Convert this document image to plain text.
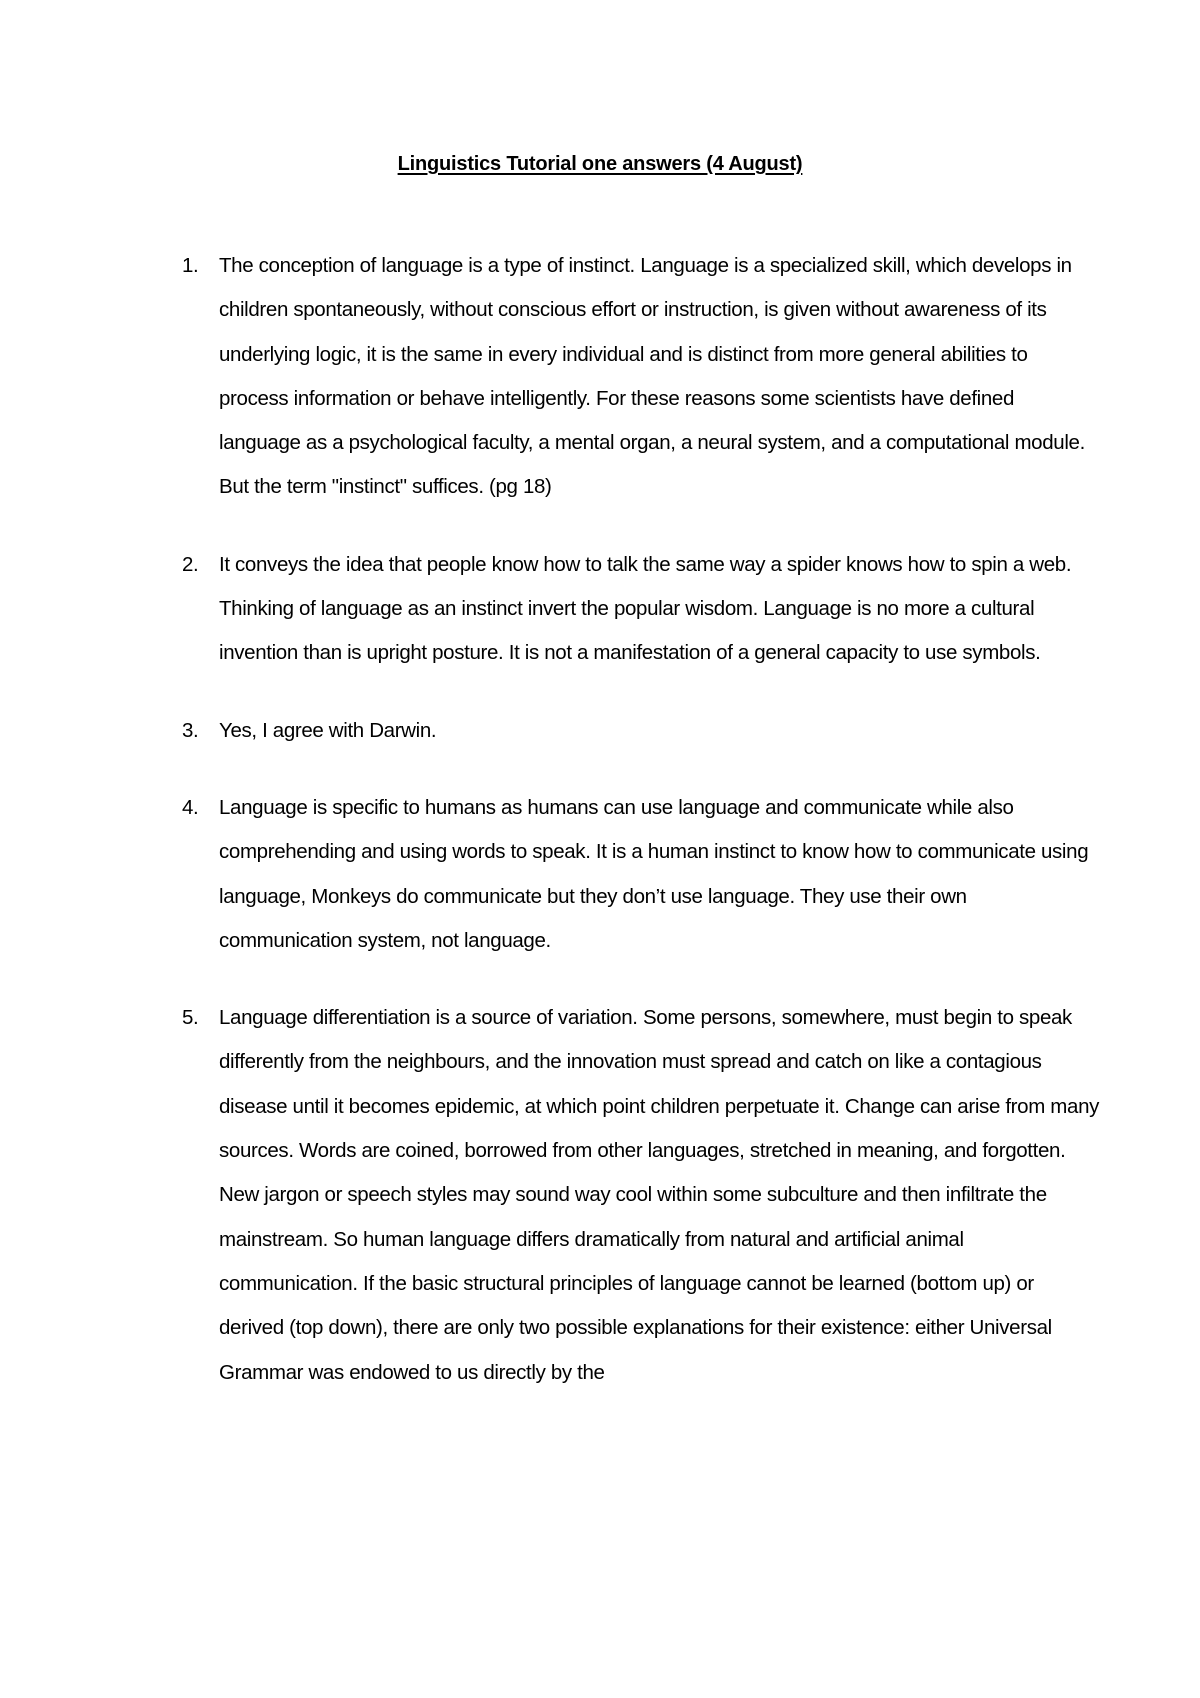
Linguistics Tutorial one answers (4 August)
1. The conception of language is a type of instinct. Language is a specialized skill, which develops in children spontaneously, without conscious effort or instruction, is given without awareness of its underlying logic, it is the same in every individual and is distinct from more general abilities to process information or behave intelligently. For these reasons some scientists have defined language as a psychological faculty, a mental organ, a neural system, and a computational module. But the term "instinct" suffices. (pg 18)
2. It conveys the idea that people know how to talk the same way a spider knows how to spin a web. Thinking of language as an instinct invert the popular wisdom. Language is no more a cultural invention than is upright posture. It is not a manifestation of a general capacity to use symbols.
3. Yes, I agree with Darwin.
4. Language is specific to humans as humans can use language and communicate while also comprehending and using words to speak. It is a human instinct to know how to communicate using language, Monkeys do communicate but they don’t use language. They use their own communication system, not language.
5. Language differentiation is a source of variation. Some persons, somewhere, must begin to speak differently from the neighbours, and the innovation must spread and catch on like a contagious disease until it becomes epidemic, at which point children perpetuate it. Change can arise from many sources. Words are coined, borrowed from other languages, stretched in meaning, and forgotten. New jargon or speech styles may sound way cool within some subculture and then infiltrate the mainstream. So human language differs dramatically from natural and artificial animal communication. If the basic structural principles of language cannot be learned (bottom up) or derived (top down), there are only two possible explanations for their existence: either Universal Grammar was endowed to us directly by the
